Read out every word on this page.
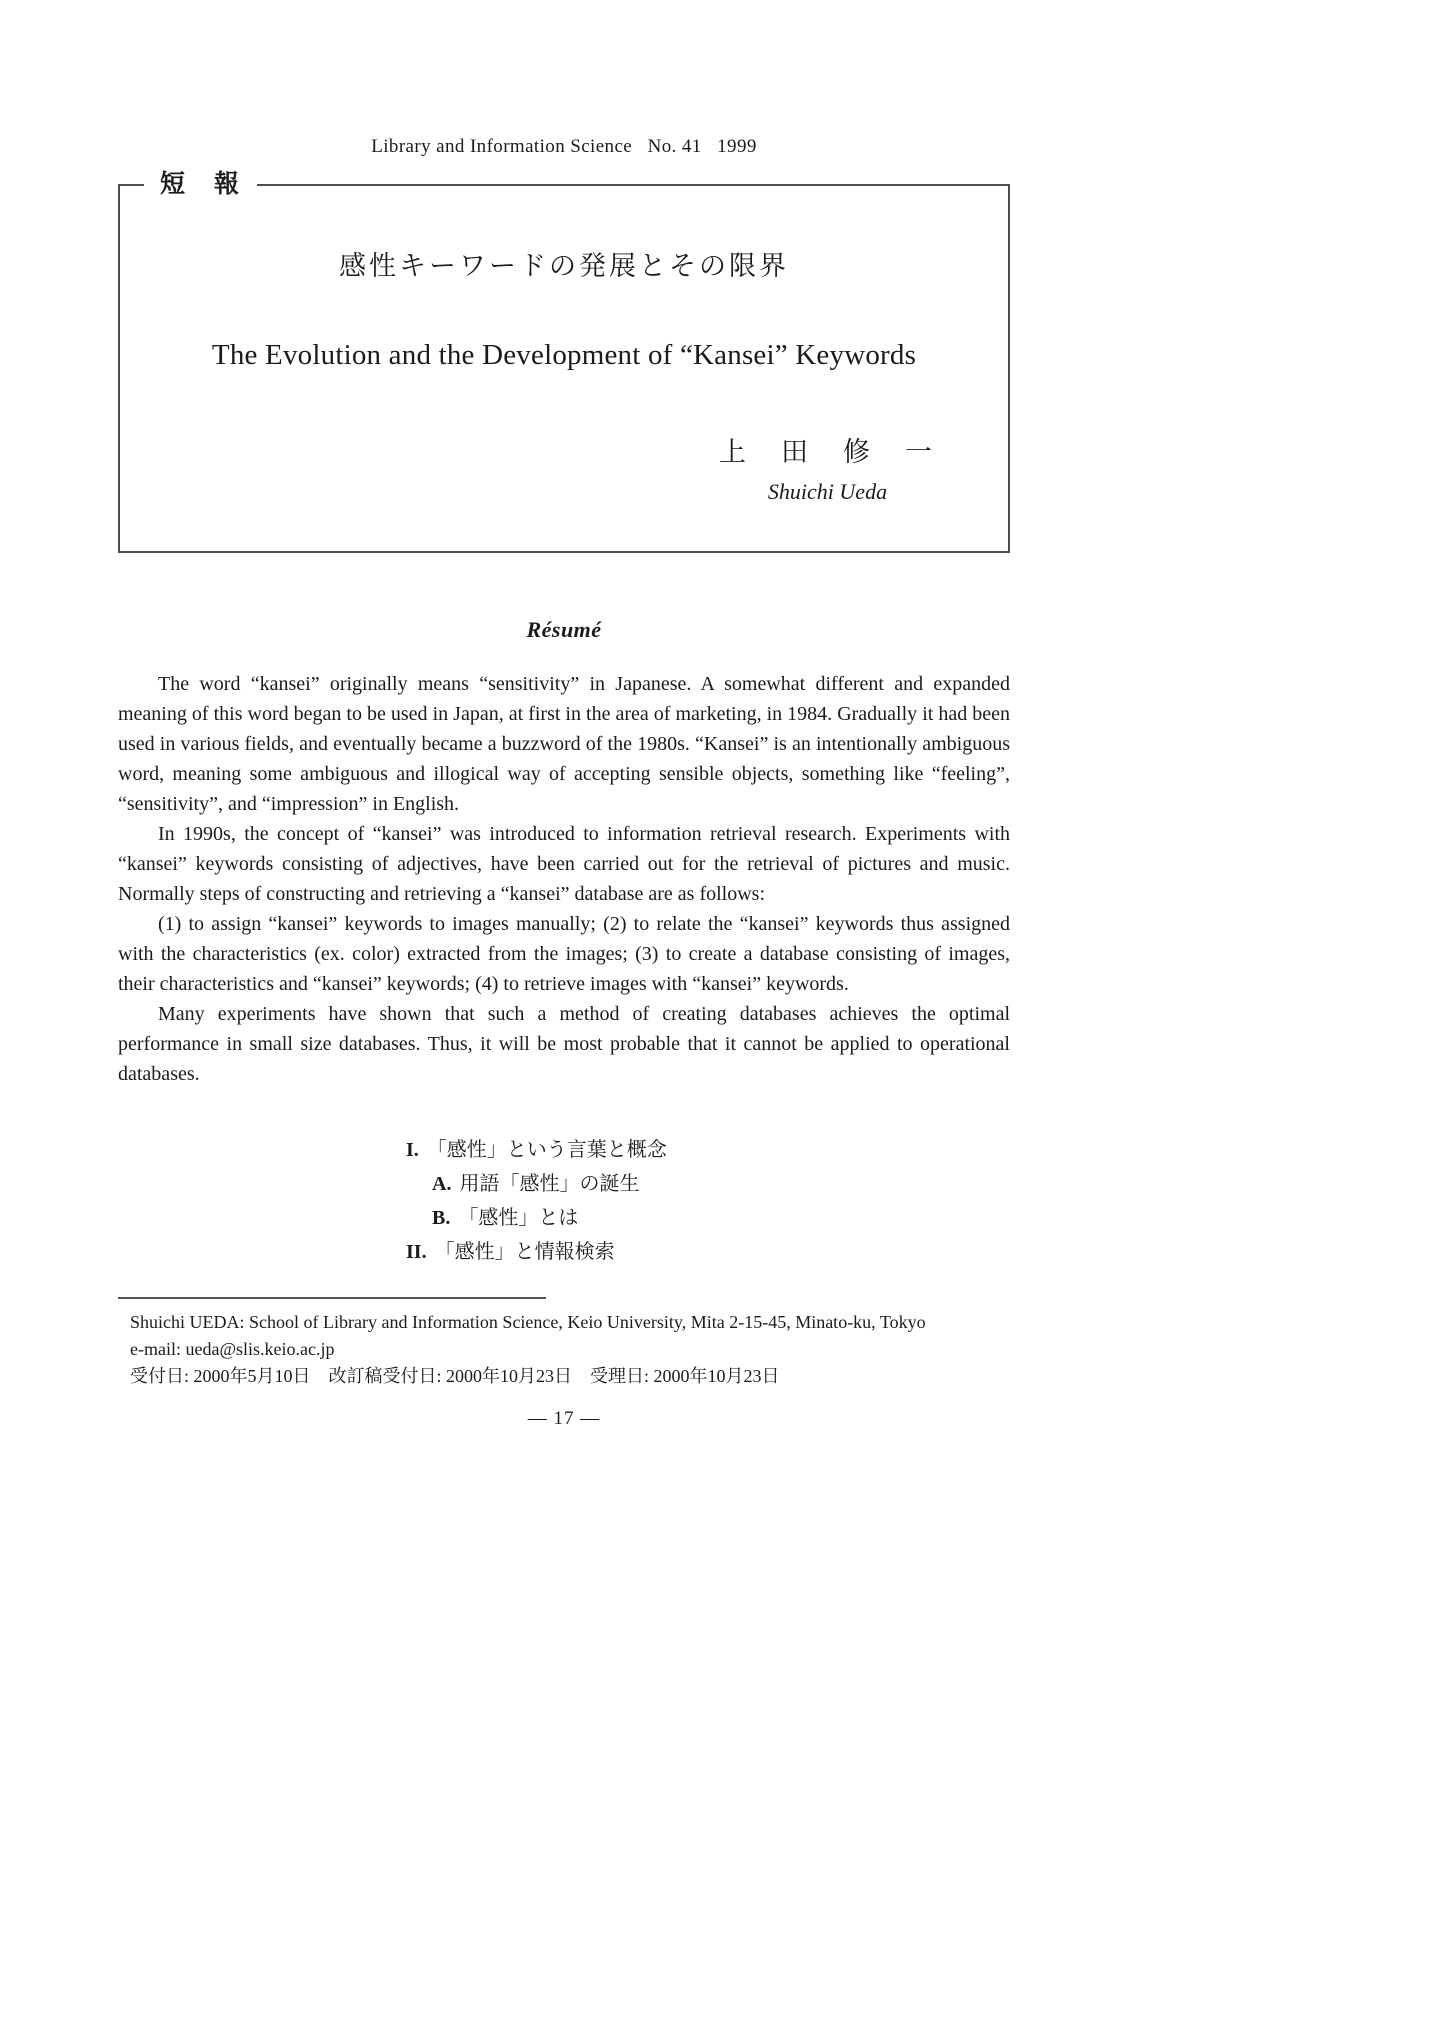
Library and Information Science   No. 41   1999
短　報
感性キーワードの発展とその限界
The Evolution and the Development of “Kansei” Keywords
上　田　修　一
Shuichi Ueda
Résumé

The word “kansei” originally means “sensitivity” in Japanese. A somewhat different and expanded meaning of this word began to be used in Japan, at first in the area of marketing, in 1984. Gradually it had been used in various fields, and eventually became a buzzword of the 1980s. “Kansei” is an intentionally ambiguous word, meaning some ambiguous and illogical way of accepting sensible objects, something like “feeling”, “sensitivity”, and “impression” in English.

In 1990s, the concept of “kansei” was introduced to information retrieval research. Experiments with “kansei” keywords consisting of adjectives, have been carried out for the retrieval of pictures and music. Normally steps of constructing and retrieving a “kansei” database are as follows:

(1) to assign “kansei” keywords to images manually; (2) to relate the “kansei” keywords thus assigned with the characteristics (ex. color) extracted from the images; (3) to create a database consisting of images, their characteristics and “kansei” keywords; (4) to retrieve images with “kansei” keywords.

Many experiments have shown that such a method of creating databases achieves the optimal performance in small size databases. Thus, it will be most probable that it cannot be applied to operational databases.

I. 「感性」という言葉と概念
A. 用語「感性」の誕生
B. 「感性」とは
II. 「感性」と情報検索
Shuichi UEDA: School of Library and Information Science, Keio University, Mita 2-15-45, Minato-ku, Tokyo
e-mail: ueda@slis.keio.ac.jp
受付日: 2000年5月10日　改訂稿受付日: 2000年10月23日　受理日: 2000年10月23日
— 17 —
